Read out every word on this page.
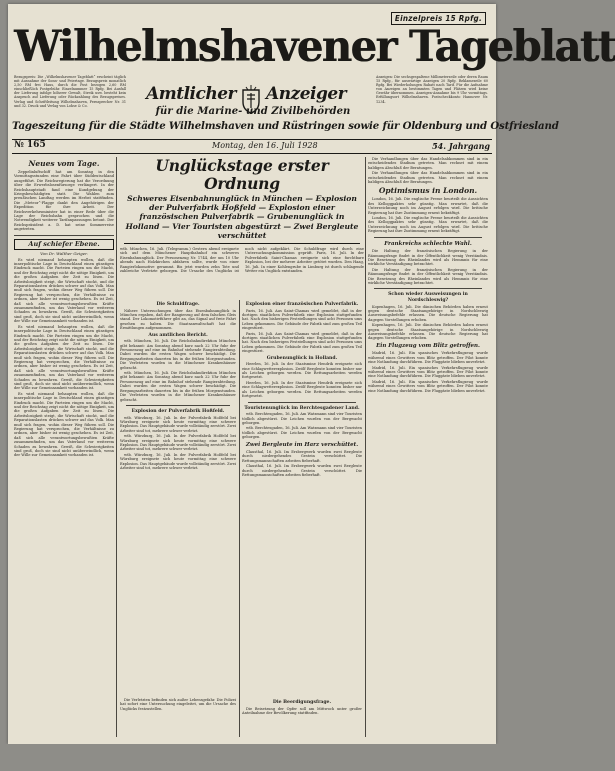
Einzelpreis 15 Rpfg.
Wilhelmshavener Tageblatt
Bezugspreis: Die „Wilhelmshavener Tageblatt“ erscheint täglich mit Ausnahme der Sonn- und Feiertage. Bezugspreis monatlich 2,50 RM frei Haus, durch die Post bezogen 2,60 RM einschließlich Postgebühr. Einzelnummer 15 Rpfg. Bei Ausfall der Lieferung infolge höherer Gewalt, Streik usw. besteht kein Anspruch auf Lieferung oder Rückzahlung des Bezugspreises. Verlag und Schriftleitung Wilhelmshaven, Fernsprecher Nr. 31 und 32. Druck und Verlag von Lohse & Co.
Anzeigen: Die sechsgespaltene Millimeterzeile oder deren Raum 15 Rpfg., für auswärtige Anzeigen 20 Rpfg. Reklamezeile 60 Rpfg. Bei Wiederholungen Rabatt nach Tarif. Für die Aufnahme von Anzeigen an bestimmten Tagen und Plätzen wird keine Gewähr übernommen. Anzeigen-Annahme bis 9 Uhr vormittags. Erfüllungsort Wilhelmshaven. Postscheckkonto Hannover Nr. 1234.
Amtlicher Anzeiger
für die Marine- und Zivilbehörden
Tageszeitung für die Städte Wilhelmshaven und Rüstringen sowie für Oldenburg und Ostfriesland
№ 165	Montag, den 16. Juli 1928	54. Jahrgang
Neues vom Tage.
Zeppelinluftschiff hat am Sonntag in den Vormittagsstunden eine Fahrt über Süddeutschland ausgeführt. Die Reichsregierung hat die Verordnung über die Erwerbslosenfürsorge verlängert. In der Reichshauptstadt fand eine Kundgebung der Kriegsbeschädigten statt. Die Wahlen zum preußischen Landtag werden im Herbst stattfinden. Die „Meteor“-Flagge dankt den Angehörigen der Expedition für ihre Arbeit. Der Reichsverkehrsminister hat in einer Rede über die Lage der Reichsbahn gesprochen und die Notwendigkeit weiterer Tarifanpassungen betont. Der Reichspräsident a. D. hat seine Sommerreise angetreten.
Auf schiefer Ebene.
Von Dr. Walther Geiger.
Es wird niemand behaupten wollen, daß die innerpolitische Lage in Deutschland einen günstigen Eindruck macht. Die Parteien ringen um die Macht, und der Reichstag zeigt nicht die nötige Einigkeit, um die großen Aufgaben der Zeit zu lösen. Die Arbeitslosigkeit steigt, die Wirtschaft stockt, und die Reparationslasten drücken schwer auf das Volk. Man muß sich fragen, wohin dieser Weg führen soll. Die Regierung hat versprochen, die Verhältnisse zu ordnen, aber bisher ist wenig geschehen. Es ist Zeit, daß sich alle verantwortungsbewußten Kräfte zusammenfinden, um das Vaterland vor weiterem Schaden zu bewahren. Gewiß, die Schwierigkeiten sind groß, doch sie sind nicht unüberwindlich, wenn der Wille zur Gemeinsamkeit vorhanden ist.
Es wird niemand behaupten wollen, daß die innerpolitische Lage in Deutschland einen günstigen Eindruck macht. Die Parteien ringen um die Macht, und der Reichstag zeigt nicht die nötige Einigkeit, um die großen Aufgaben der Zeit zu lösen. Die Arbeitslosigkeit steigt, die Wirtschaft stockt, und die Reparationslasten drücken schwer auf das Volk. Man muß sich fragen, wohin dieser Weg führen soll. Die Regierung hat versprochen, die Verhältnisse zu ordnen, aber bisher ist wenig geschehen. Es ist Zeit, daß sich alle verantwortungsbewußten Kräfte zusammenfinden, um das Vaterland vor weiterem Schaden zu bewahren. Gewiß, die Schwierigkeiten sind groß, doch sie sind nicht unüberwindlich, wenn der Wille zur Gemeinsamkeit vorhanden ist.
Es wird niemand behaupten wollen, daß die innerpolitische Lage in Deutschland einen günstigen Eindruck macht. Die Parteien ringen um die Macht, und der Reichstag zeigt nicht die nötige Einigkeit, um die großen Aufgaben der Zeit zu lösen. Die Arbeitslosigkeit steigt, die Wirtschaft stockt, und die Reparationslasten drücken schwer auf das Volk. Man muß sich fragen, wohin dieser Weg führen soll. Die Regierung hat versprochen, die Verhältnisse zu ordnen, aber bisher ist wenig geschehen. Es ist Zeit, daß sich alle verantwortungsbewußten Kräfte zusammenfinden, um das Vaterland vor weiterem Schaden zu bewahren. Gewiß, die Schwierigkeiten sind groß, doch sie sind nicht unüberwindlich, wenn der Wille zur Gemeinsamkeit vorhanden ist.
Unglückstage erster Ordnung
Schweres Eisenbahnunglück in München — Explosion der Pulverfabrik Hoßfeld — Explosion einer französischen Pulverfabrik — Grubenunglück in Holland — Vier Touristen abgestürzt — Zwei Bergleute verschüttet
wtb. München, 16. Juli. (Telegramm.) Gestern abend ereignete sich auf dem Münchener Hauptbahnhof ein schweres Eisenbahnunglück. Der Personenzug Nr. 1744, der um 10 Uhr abends nach Holzkirchen abfahren sollte, wurde von einer Rangierlokomotive gerammt. Bis jetzt wurden zehn Tote und zahlreiche Verletzte geborgen. Die Ursache des Unglücks ist noch nicht aufgeklärt. Die Schuldfrage wird durch eine Untersuchungskommission geprüft. Paris, 16. Juli. In der Pulverfabrik Saint-Chamas ereignete sich eine furchtbare Explosion, bei der mehrere Arbeiter getötet wurden. Den Haag, 16. Juli. In einer Kohlengrube in Limburg ist durch schlagende Wetter ein Unglück entstanden.
Die Schuldfrage.
Nähere Untersuchungen über das Eisenbahnunglück in München ergaben, daß der Rangierzug auf dem falschen Gleis stand. Der Lokomotivführer gibt an, das Signal auf freie Fahrt gesehen zu haben. Die Staatsanwaltschaft hat die Ermittlungen aufgenommen.
Aus amtlichen Bericht.
wtb. München, 16. Juli. Die Reichsbahndirektion München gibt bekannt: Am Sonntag abend kurz nach 22 Uhr fuhr der Personenzug auf eine im Bahnhof stehende Rangierabteilung. Dabei wurden die ersten Wagen schwer beschädigt. Die Bergungsarbeiten dauerten bis in die frühen Morgenstunden. Die Verletzten wurden in die Münchener Krankenhäuser gebracht.
wtb. München, 16. Juli. Die Reichsbahndirektion München gibt bekannt: Am Sonntag abend kurz nach 22 Uhr fuhr der Personenzug auf eine im Bahnhof stehende Rangierabteilung. Dabei wurden die ersten Wagen schwer beschädigt. Die Bergungsarbeiten dauerten bis in die frühen Morgenstunden. Die Verletzten wurden in die Münchener Krankenhäuser gebracht.
Explosion der Pulverfabrik Hoßfeld.
wtb. Würzburg, 16. Juli. In der Pulverfabrik Hoßfeld bei Würzburg ereignete sich heute vormittag eine schwere Explosion. Das Hauptgebäude wurde vollständig zerstört. Zwei Arbeiter sind tot, mehrere schwer verletzt.
wtb. Würzburg, 16. Juli. In der Pulverfabrik Hoßfeld bei Würzburg ereignete sich heute vormittag eine schwere Explosion. Das Hauptgebäude wurde vollständig zerstört. Zwei Arbeiter sind tot, mehrere schwer verletzt.
wtb. Würzburg, 16. Juli. In der Pulverfabrik Hoßfeld bei Würzburg ereignete sich heute vormittag eine schwere Explosion. Das Hauptgebäude wurde vollständig zerstört. Zwei Arbeiter sind tot, mehrere schwer verletzt.
Explosion einer französischen Pulverfabrik.
Paris, 16. Juli. Aus Saint-Chamas wird gemeldet, daß in der dortigen staatlichen Pulverfabrik eine Explosion stattgefunden hat. Nach den bisherigen Feststellungen sind acht Personen ums Leben gekommen. Die Gebäude der Fabrik sind zum großen Teil eingestürzt.
Paris, 16. Juli. Aus Saint-Chamas wird gemeldet, daß in der dortigen staatlichen Pulverfabrik eine Explosion stattgefunden hat. Nach den bisherigen Feststellungen sind acht Personen ums Leben gekommen. Die Gebäude der Fabrik sind zum großen Teil eingestürzt.
Grubenunglück in Holland.
Heerlen, 16. Juli. In der Staatsmine Hendrik ereignete sich eine Schlagwetterexplosion. Zwölf Bergleute konnten bisher nur als Leichen geborgen werden. Die Rettungsarbeiten werden fortgesetzt.
Heerlen, 16. Juli. In der Staatsmine Hendrik ereignete sich eine Schlagwetterexplosion. Zwölf Bergleute konnten bisher nur als Leichen geborgen werden. Die Rettungsarbeiten werden fortgesetzt.
Touristenunglück im Berchtesgadener Land.
wtb. Berchtesgaden, 16. Juli. Am Watzmann sind vier Touristen tödlich abgestürzt. Die Leichen wurden von der Bergwacht geborgen.
wtb. Berchtesgaden, 16. Juli. Am Watzmann sind vier Touristen tödlich abgestürzt. Die Leichen wurden von der Bergwacht geborgen.
Zwei Bergleute im Harz verschüttet.
Clausthal, 16. Juli. Im Erzbergwerk wurden zwei Bergleute durch niedergehendes Gestein verschüttet. Die Rettungsmannschaften arbeiten fieberhaft.
Clausthal, 16. Juli. Im Erzbergwerk wurden zwei Bergleute durch niedergehendes Gestein verschüttet. Die Rettungsmannschaften arbeiten fieberhaft.
Die Verletzten befinden sich außer Lebensgefahr. Die Polizei hat sofort eine Untersuchung eingeleitet, um die Ursache des Unglücks festzustellen.
Die Beerdigungsfrage.
Die Beisetzung der Opfer soll am Mittwoch unter großer Anteilnahme der Bevölkerung stattfinden.
Die Verhandlungen über das Handelsabkommen sind in ein entscheidendes Stadium getreten. Man rechnet mit einem baldigen Abschluß der Beratungen.
Die Verhandlungen über das Handelsabkommen sind in ein entscheidendes Stadium getreten. Man rechnet mit einem baldigen Abschluß der Beratungen.
Optimismus in London.
London, 16. Juli. Die englische Presse beurteilt die Aussichten des Kelloggpaktes sehr günstig. Man erwartet, daß die Unterzeichnung noch im August erfolgen wird. Die britische Regierung hat ihre Zustimmung erneut bekräftigt.
London, 16. Juli. Die englische Presse beurteilt die Aussichten des Kelloggpaktes sehr günstig. Man erwartet, daß die Unterzeichnung noch im August erfolgen wird. Die britische Regierung hat ihre Zustimmung erneut bekräftigt.
Frankreichs schlechte Wahl.
Die Haltung der französischen Regierung in der Räumungsfrage findet in der Öffentlichkeit wenig Verständnis. Die Besetzung des Rheinlandes wird als Hemmnis für eine wirkliche Verständigung betrachtet.
Die Haltung der französischen Regierung in der Räumungsfrage findet in der Öffentlichkeit wenig Verständnis. Die Besetzung des Rheinlandes wird als Hemmnis für eine wirkliche Verständigung betrachtet.
Schon wieder Ausweisungen in Nordschleswig?
Kopenhagen, 16. Juli. Die dänischen Behörden haben erneut gegen deutsche Staatsangehörige in Nordschleswig Ausweisungsbefehle erlassen. Die deutsche Regierung hat dagegen Vorstellungen erhoben.
Kopenhagen, 16. Juli. Die dänischen Behörden haben erneut gegen deutsche Staatsangehörige in Nordschleswig Ausweisungsbefehle erlassen. Die deutsche Regierung hat dagegen Vorstellungen erhoben.
Ein Flugzeug vom Blitz getroffen.
Madrid, 16. Juli. Ein spanisches Verkehrsflugzeug wurde während eines Gewitters vom Blitz getroffen. Der Pilot konnte eine Notlandung durchführen. Die Fluggäste blieben unverletzt.
Madrid, 16. Juli. Ein spanisches Verkehrsflugzeug wurde während eines Gewitters vom Blitz getroffen. Der Pilot konnte eine Notlandung durchführen. Die Fluggäste blieben unverletzt.
Madrid, 16. Juli. Ein spanisches Verkehrsflugzeug wurde während eines Gewitters vom Blitz getroffen. Der Pilot konnte eine Notlandung durchführen. Die Fluggäste blieben unverletzt.
